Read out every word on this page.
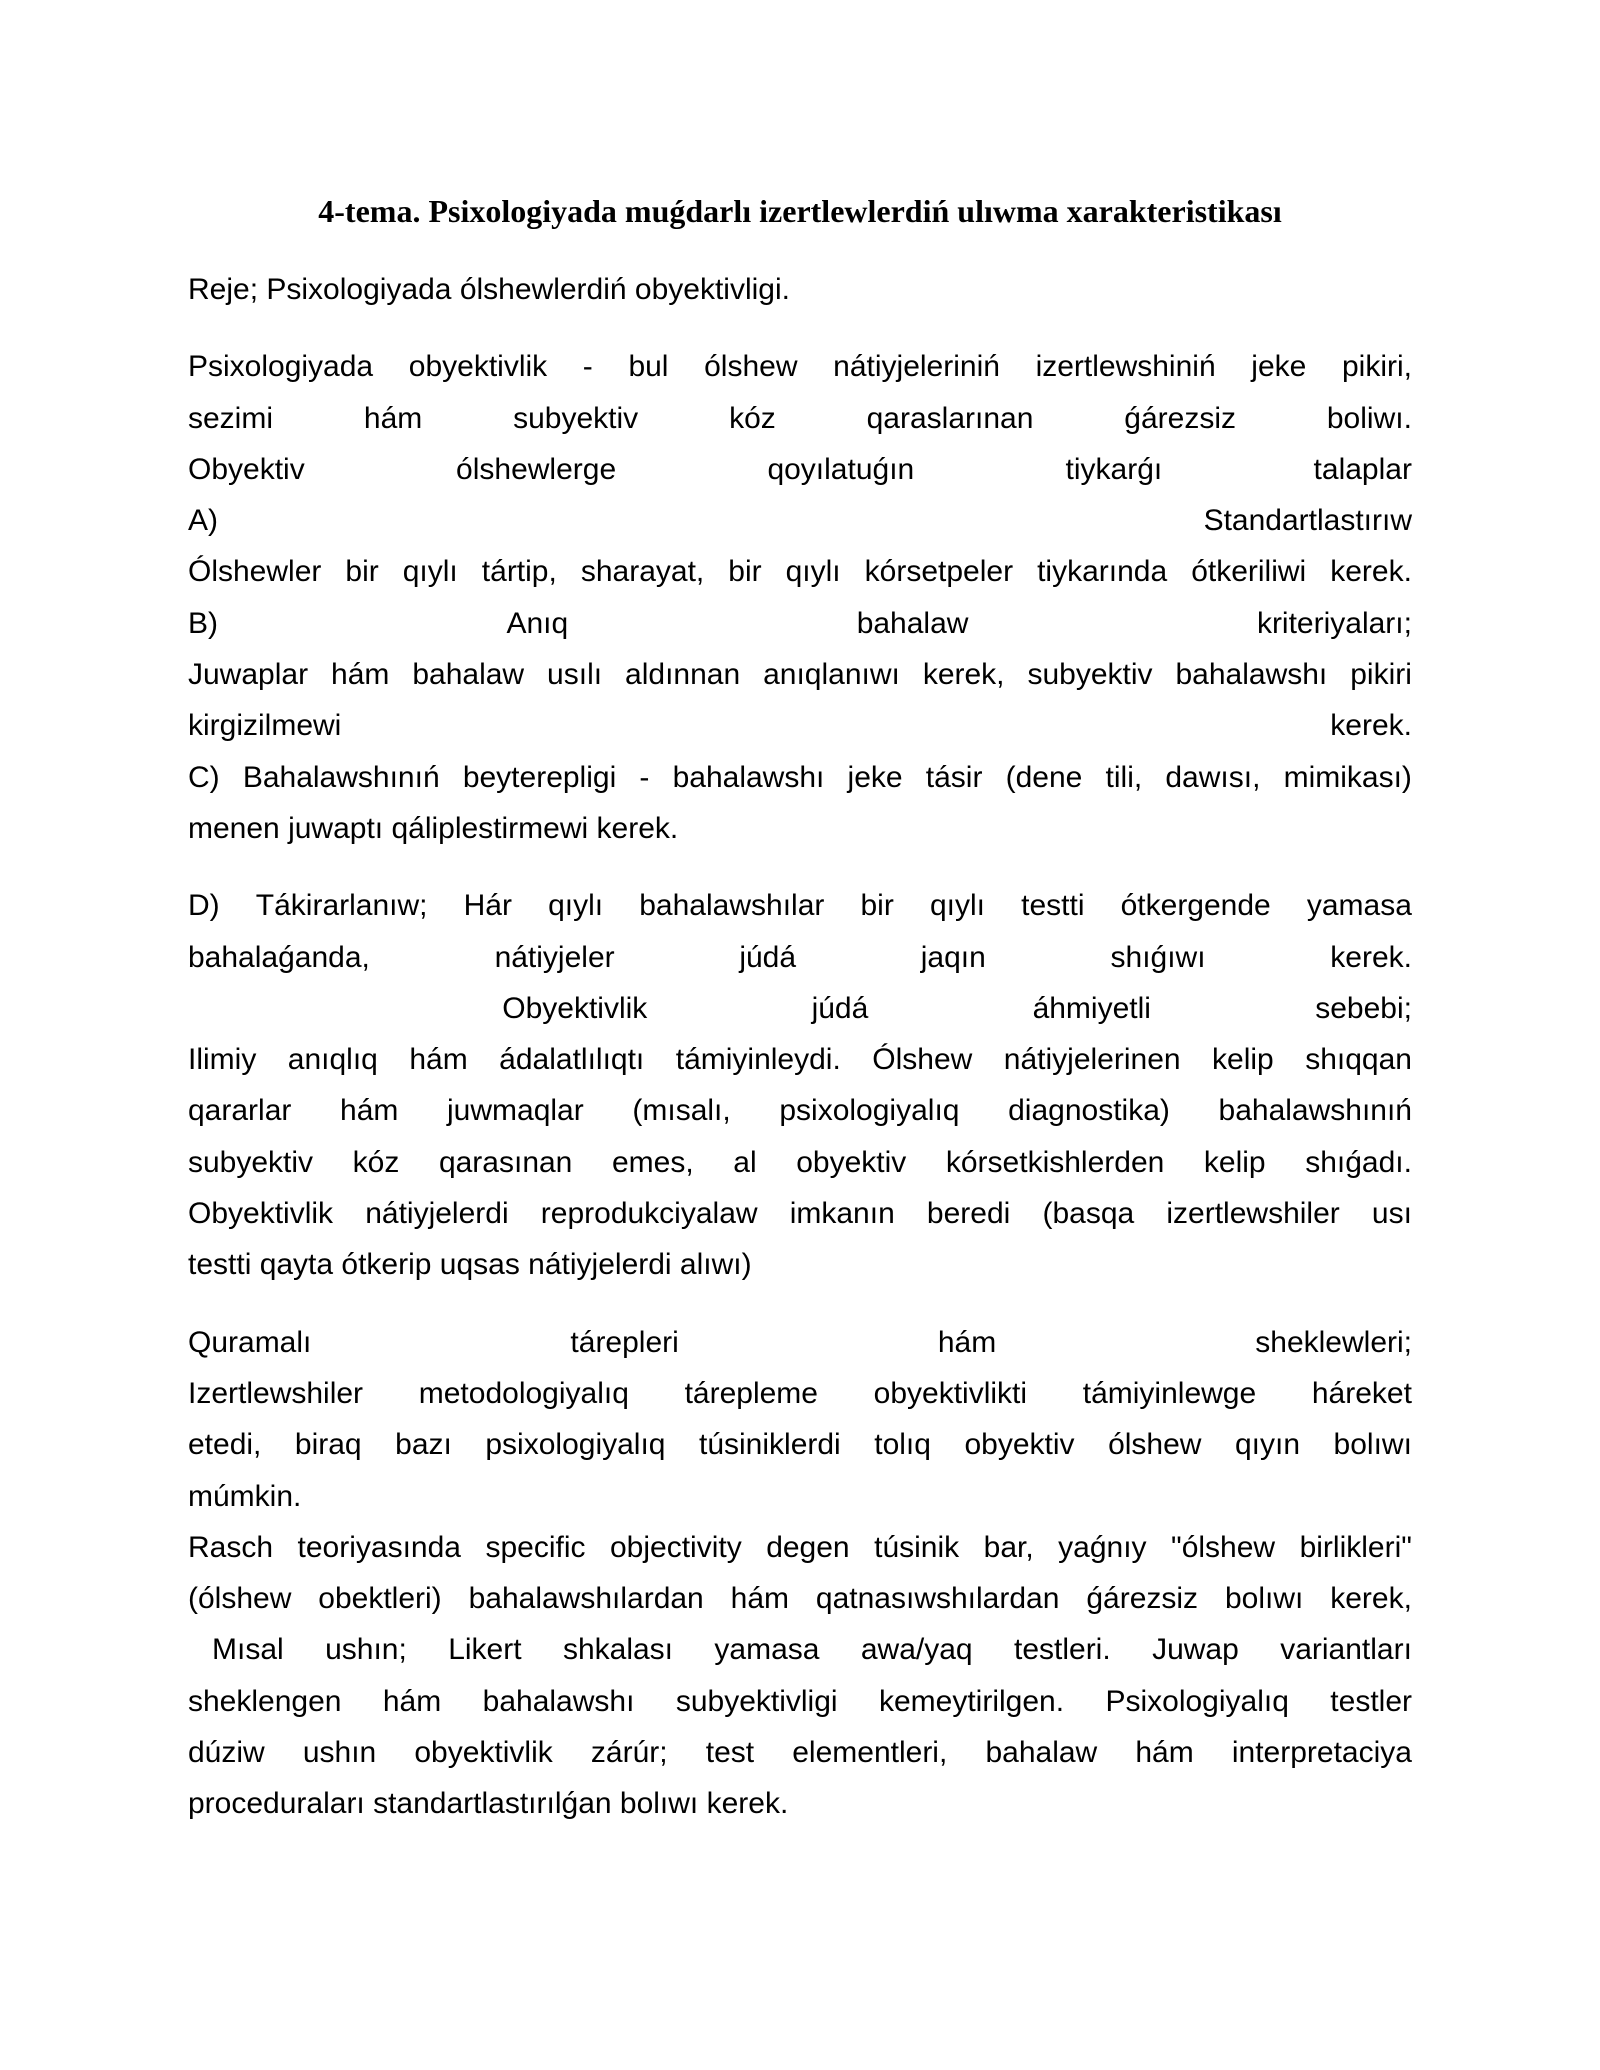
4-tema. Psixologiyada muǵdarlı izertlewlerdiń ulıwma xarakteristikası
Reje; Psixologiyada ólshewlerdiń obyektivligi.
Psixologiyada obyektivlik - bul ólshew nátiyjeleriniń izertlewshiniń jeke pikiri,
sezimi	hám	subyektiv	kóz	qaraslarınan	ǵárezsiz	boliwı.
Obyektiv	ólshewlerge	qoyılatuǵın	tiykarǵı	talaplar
A)	Standartlastırıw
Ólshewler bir qıylı tártip, sharayat, bir qıylı kórsetpeler tiykarında ótkeriliwi kerek.
B)	Anıq	bahalaw	kriteriyaları;
Juwaplar hám bahalaw usılı aldınnan anıqlanıwı kerek, subyektiv bahalawshı pikiri
kirgizilmewi	kerek.
C) Bahalawshınıń beyterepligi - bahalawshı jeke tásir (dene tili, dawısı, mimikası)
menen juwaptı qáliplestirmewi kerek.
D) Tákirarlanıw; Hár qıylı bahalawshılar bir qıylı testti ótkergende yamasa
bahalaǵanda,	nátiyjeler	júdá	jaqın	shıǵıwı	kerek.
Obyektivlik	júdá	áhmiyetli	sebebi;
Ilimiy anıqlıq hám ádalatlılıqtı támiyinleydi. Ólshew nátiyjelerinen kelip shıqqan
qararlar hám juwmaqlar (mısalı, psixologiyalıq diagnostika) bahalawshınıń
subyektiv kóz qarasınan emes, al obyektiv kórsetkishlerden kelip shıǵadı.
Obyektivlik nátiyjelerdi reprodukciyalaw imkanın beredi (basqa izertlewshiler usı
testti qayta ótkerip uqsas nátiyjelerdi alıwı)
Quramalı	tárepleri	hám	sheklewleri;
Izertlewshiler metodologiyalıq tárepleme obyektivlikti támiyinlewge háreket
etedi, biraq bazı psixologiyalıq túsiniklerdi tolıq obyektiv ólshew qıyın bolıwı
múmkin.
Rasch teoriyasında specific objectivity degen túsinik bar, yaǵnıy "ólshew birlikleri"
(ólshew obektleri) bahalawshılardan hám qatnasıwshılardan ǵárezsiz bolıwı kerek,
Mısal ushın; Likert shkalası yamasa awa/yaq testleri. Juwap variantları
sheklengen hám bahalawshı subyektivligi kemeytirilgen. Psixologiyalıq testler
dúziw ushın obyektivlik zárúr; test elementleri, bahalaw hám interpretaciya
proceduraları standartlastırılǵan bolıwı kerek.
